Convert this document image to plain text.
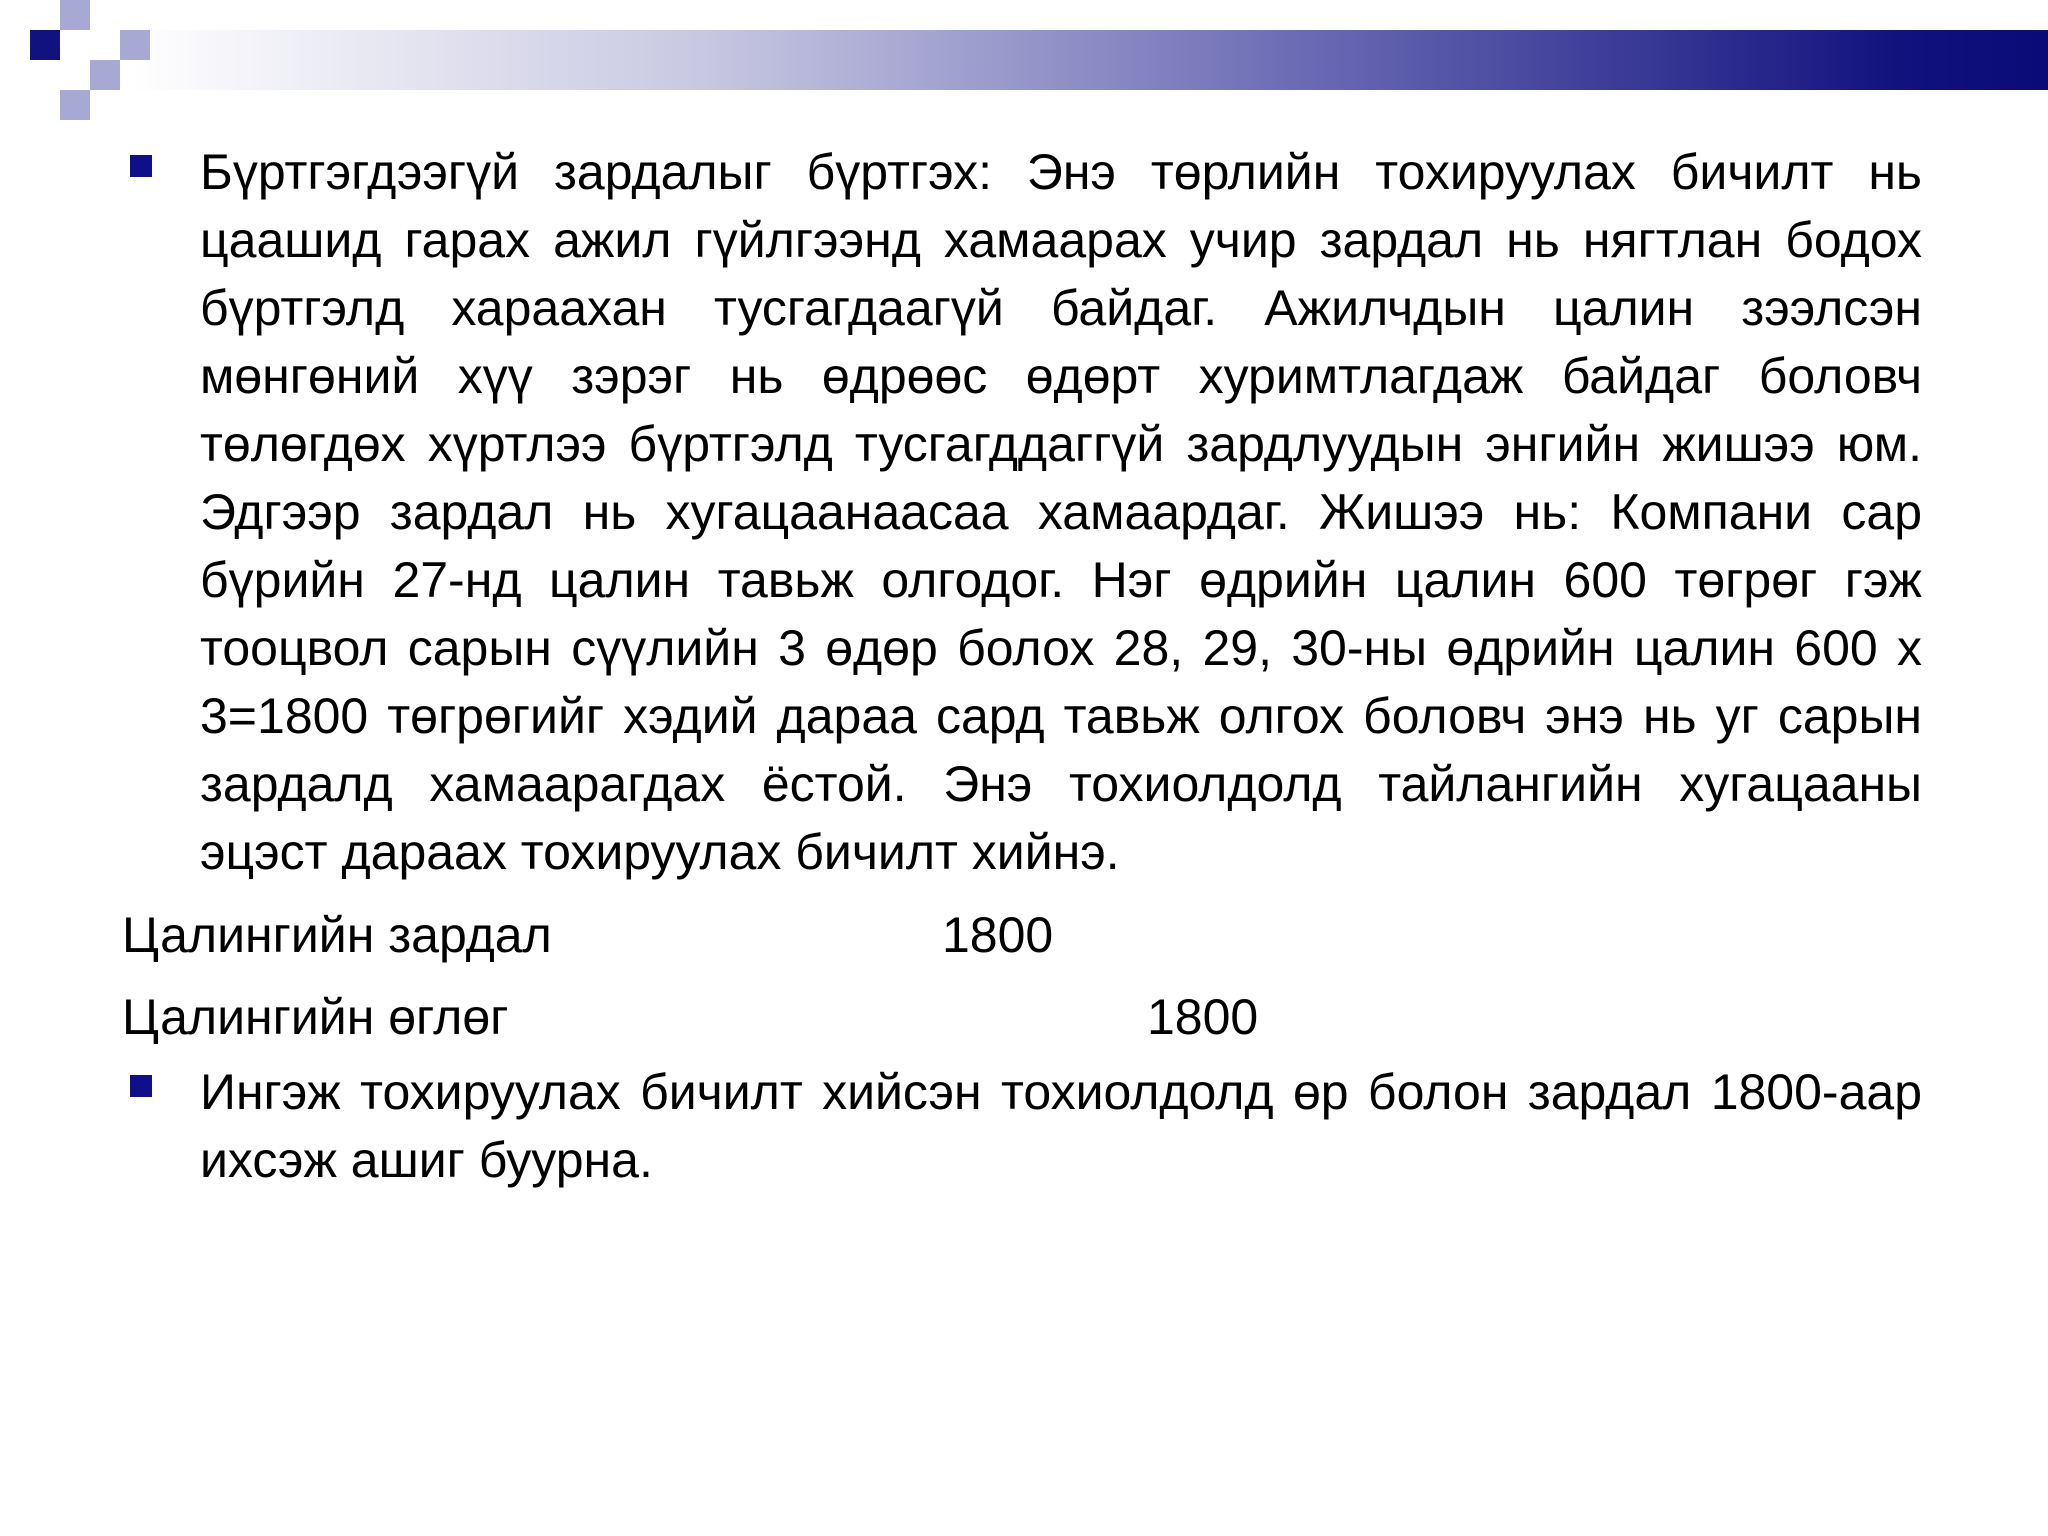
Бүртгэгдээгүй зардалыг бүртгэх: Энэ төрлийн тохируулах бичилт нь цаашид гарах ажил гүйлгээнд хамаарах учир зардал нь нягтлан бодох бүртгэлд хараахан тусгагдаагүй байдаг. Ажилчдын цалин зээлсэн мөнгөний хүү зэрэг нь өдрөөс өдөрт хуримтлагдаж байдаг боловч төлөгдөх хүртлээ бүртгэлд тусгагддаггүй зардлуудын энгийн жишээ юм. Эдгээр зардал нь хугацаанаасаа хамаардаг. Жишээ нь: Компани сар бүрийн 27-нд цалин тавьж олгодог. Нэг өдрийн цалин 600 төгрөг гэж тооцвол сарын сүүлийн 3 өдөр болох 28, 29, 30-ны өдрийн цалин 600 х 3=1800 төгрөгийг хэдий дараа сард тавьж олгох боловч энэ нь уг сарын зардалд хамаарагдах ёстой. Энэ тохиолдолд тайлангийн хугацааны эцэст дараах тохируулах бичилт хийнэ.
Цалингийн зардал	1800
Цалингийн өглөг	1800
Ингэж тохируулах бичилт хийсэн тохиолдолд өр болон зардал 1800-аар ихсэж ашиг буурна.
